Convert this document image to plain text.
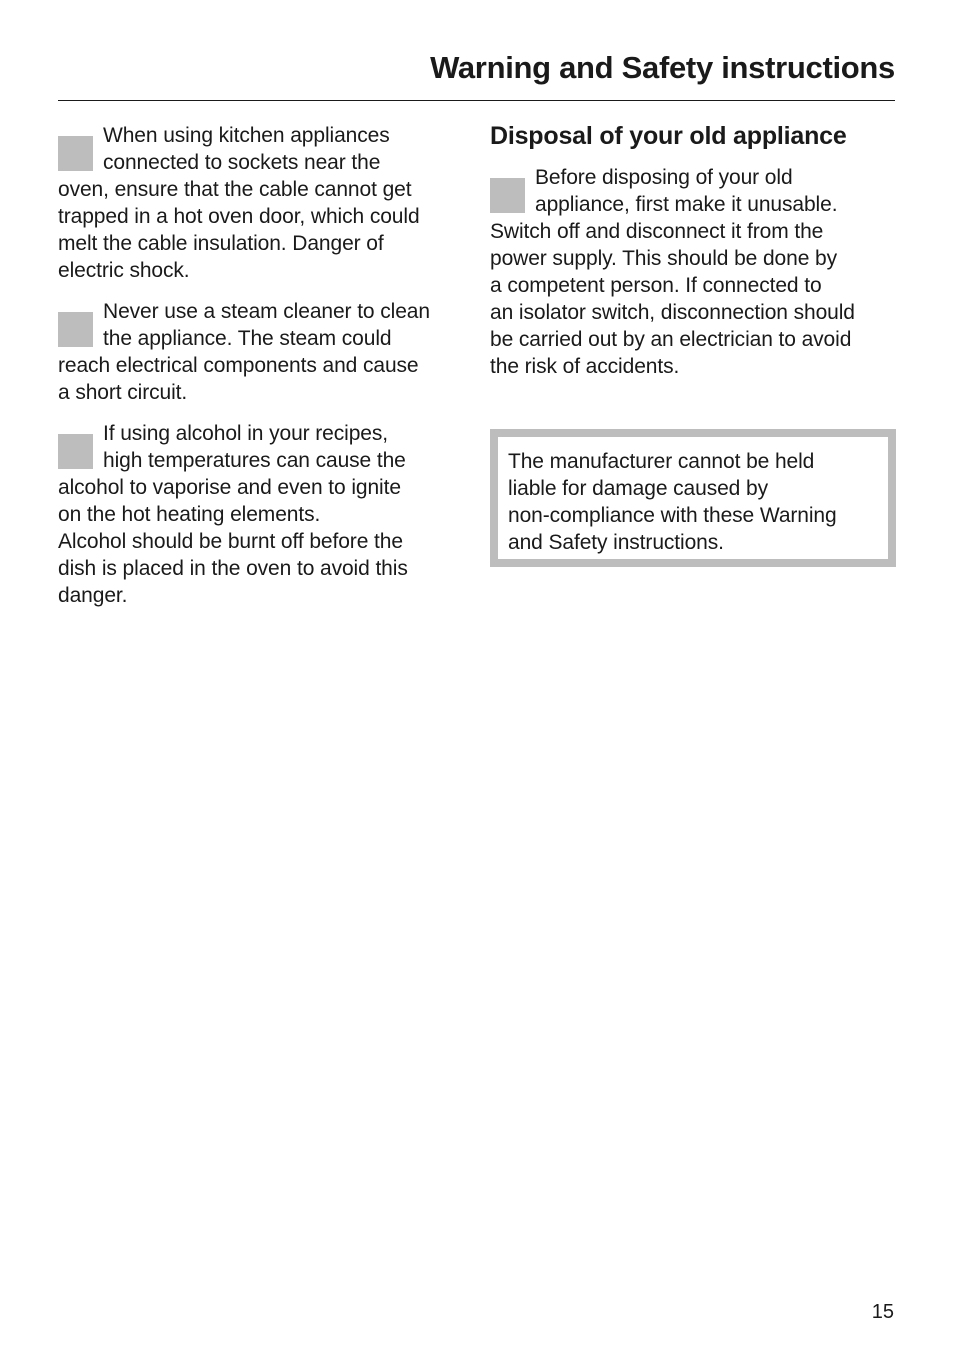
Warning and Safety instructions

When using kitchen appliances
connected to sockets near the
oven, ensure that the cable cannot get
trapped in a hot oven door, which could
melt the cable insulation. Danger of
electric shock.

Never use a steam cleaner to clean
the appliance. The steam could
reach electrical components and cause
a short circuit.

If using alcohol in your recipes,
high temperatures can cause the
alcohol to vaporise and even to ignite
on the hot heating elements.
Alcohol should be burnt off before the
dish is placed in the oven to avoid this
danger.

Disposal of your old appliance

Before disposing of your old
appliance, first make it unusable.
Switch off and disconnect it from the
power supply. This should be done by
a competent person. If connected to
an isolator switch, disconnection should
be carried out by an electrician to avoid
the risk of accidents.

The manufacturer cannot be held
liable for damage caused by
non-compliance with these Warning
and Safety instructions.

15
